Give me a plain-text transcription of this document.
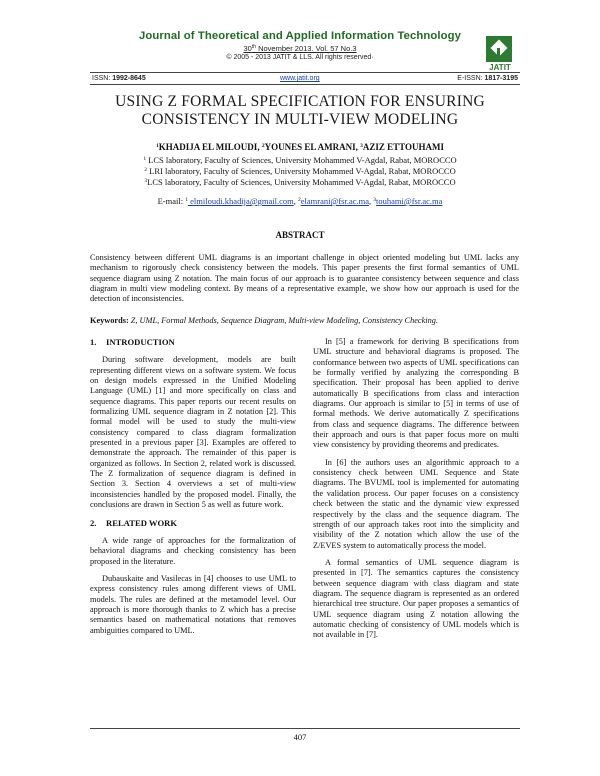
Journal of Theoretical and Applied Information Technology
30th November 2013. Vol. 57 No.3
© 2005 - 2013 JATIT & LLS. All rights reserved·
JATIT
ISSN: 1992-8645	www.jatit.org	E-ISSN: 1817-3195
USING Z FORMAL SPECIFICATION FOR ENSURING CONSISTENCY IN MULTI-VIEW MODELING
$^1$KHADIJA EL MILOUDI, $^2$YOUNES EL AMRANI, $^3$AZIZ ETTOUHAMI
$^1$ LCS laboratory, Faculty of Sciences, University Mohammed V-Agdal, Rabat, MOROCCO
$^2$ LRI laboratory, Faculty of Sciences, University Mohammed V-Agdal, Rabat, MOROCCO
$^3$LCS laboratory, Faculty of Sciences, University Mohammed V-Agdal, Rabat, MOROCCO
E-mail: $^1$ elmiloudi.khadija@gmail.com, $^2$elamrani@fsr.ac.ma, $^3$touhami@fsr.ac.ma
ABSTRACT
Consistency between different UML diagrams is an important challenge in object oriented modeling but UML lacks any mechanism to rigorously check consistency between the models. This paper presents the first formal semantics of UML sequence diagram using Z notation. The main focus of our approach is to guarantee consistency between sequence and class diagram in multi view modeling context. By means of a representative example, we show how our approach is used for the detection of inconsistencies.
Keywords: Z, UML, Formal Methods, Sequence Diagram, Multi-view Modeling, Consistency Checking.
1. INTRODUCTION

During software development, models are built representing different views on a software system. We focus on design models expressed in the Unified Modeling Language (UML) [1] and more specifically on class and sequence diagrams. This paper reports our recent results on formalizing UML sequence diagram in Z notation [2]. This formal model will be used to study the multi-view consistency compared to class diagram formalization presented in a previous paper [3]. Examples are offered to demonstrate the approach. The remainder of this paper is organized as follows. In Section 2, related work is discussed. The Z formalization of sequence diagram is defined in Section 3. Section 4 overviews a set of multi-view inconsistencies handled by the proposed model. Finally, the conclusions are drawn in Section 5 as well as future work.

2. RELATED WORK

A wide range of approaches for the formalization of behavioral diagrams and checking consistency has been proposed in the literature.

Dubauskaite and Vasilecas in [4] chooses to use UML to express consistency rules among different views of UML models. The rules are defined at the metamodel level. Our approach is more thorough thanks to Z which has a precise semantics based on mathematical notations that removes ambiguities compared to UML.

In [5] a framework for deriving B specifications from UML structure and behavioral diagrams is proposed. The conformance between two aspects of UML specifications can be formally verified by analyzing the corresponding B specification. Their proposal has been applied to derive automatically B specifications from class and interaction diagrams. Our approach is similar to [5] in terms of use of formal methods. We derive automatically Z specifications from class and sequence diagrams. The difference between their approach and ours is that paper focus more on multi view consistency by providing theorems and predicates.

In [6] the authors uses an algorithmic approach to a consistency check between UML Sequence and State diagrams. The BVUML tool is implemented for automating the validation process. Our paper focuses on a consistency check between the static and the dynamic view expressed respectively by the class and the sequence diagram. The strength of our approach takes root into the simplicity and visibility of the Z notation which allow the use of the Z/EVES system to automatically process the model.

A formal semantics of UML sequence diagram is presented in [7]. The semantics captures the consistency between sequence diagram with class diagram and state diagram. The sequence diagram is represented as an ordered hierarchical tree structure. Our paper proposes a semantics of UML sequence diagram using Z notation allowing the automatic checking of consistency of UML models which is not available in [7].

407
